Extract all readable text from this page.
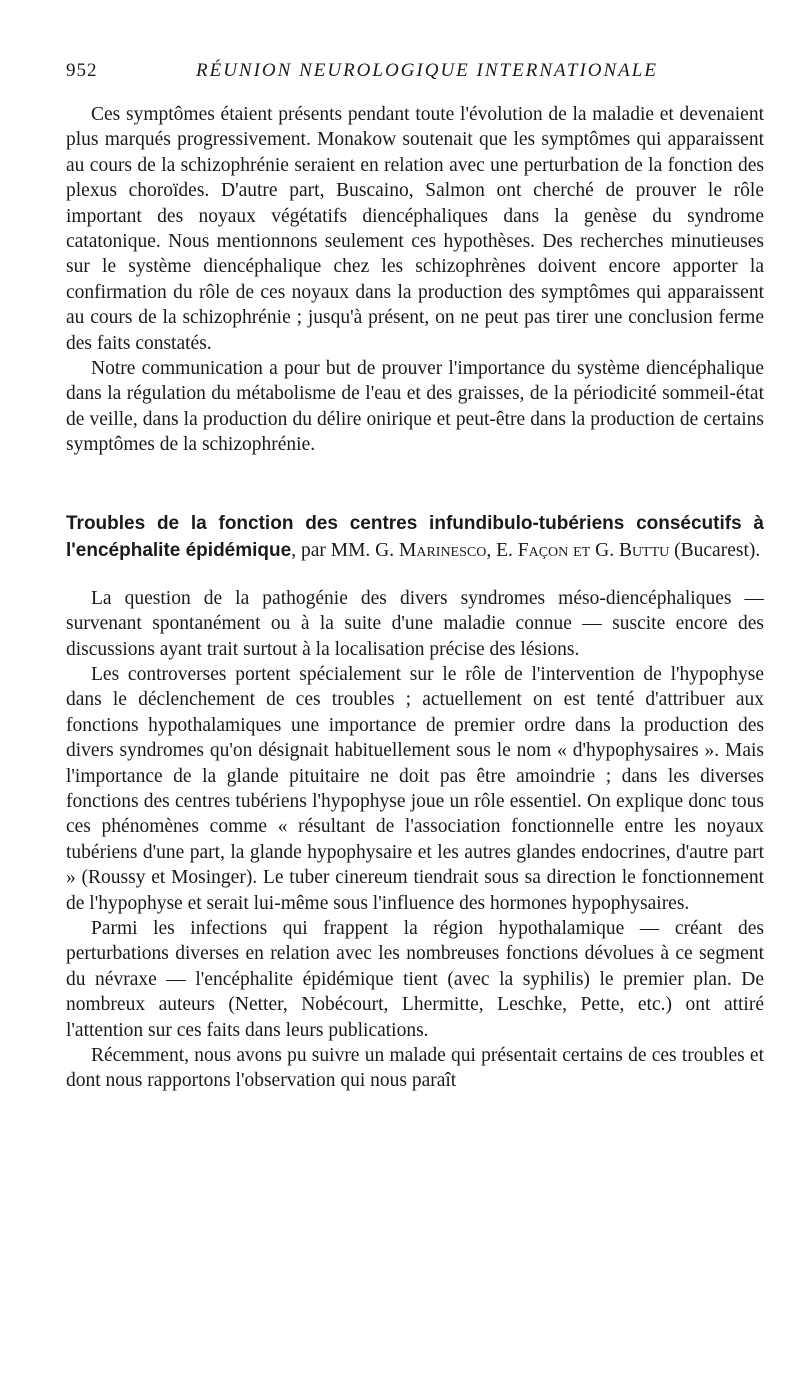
952	RÉUNION NEUROLOGIQUE INTERNATIONALE

Ces symptômes étaient présents pendant toute l'évolution de la maladie et devenaient plus marqués progressivement. Monakow soutenait que les symptômes qui apparaissent au cours de la schizophrénie seraient en relation avec une perturbation de la fonction des plexus choroïdes. D'autre part, Buscaino, Salmon ont cherché de prouver le rôle important des noyaux végétatifs diencéphaliques dans la genèse du syndrome catatonique. Nous mentionnons seulement ces hypothèses. Des recherches minutieuses sur le système diencéphalique chez les schizophrènes doivent encore apporter la confirmation du rôle de ces noyaux dans la production des symptômes qui apparaissent au cours de la schizophrénie ; jusqu'à présent, on ne peut pas tirer une conclusion ferme des faits constatés.

Notre communication a pour but de prouver l'importance du système diencéphalique dans la régulation du métabolisme de l'eau et des graisses, de la périodicité sommeil-état de veille, dans la production du délire onirique et peut-être dans la production de certains symptômes de la schizophrénie.

Troubles de la fonction des centres infundibulo-tubériens consécutifs à l'encéphalite épidémique, par MM. G. Marinesco, E. Façon et G. Buttu (Bucarest).

La question de la pathogénie des divers syndromes méso-diencéphaliques — survenant spontanément ou à la suite d'une maladie connue — suscite encore des discussions ayant trait surtout à la localisation précise des lésions.

Les controverses portent spécialement sur le rôle de l'intervention de l'hypophyse dans le déclenchement de ces troubles ; actuellement on est tenté d'attribuer aux fonctions hypothalamiques une importance de premier ordre dans la production des divers syndromes qu'on désignait habituellement sous le nom « d'hypophysaires ». Mais l'importance de la glande pituitaire ne doit pas être amoindrie ; dans les diverses fonctions des centres tubériens l'hypophyse joue un rôle essentiel. On explique donc tous ces phénomènes comme « résultant de l'association fonctionnelle entre les noyaux tubériens d'une part, la glande hypophysaire et les autres glandes endocrines, d'autre part » (Roussy et Mosinger). Le tuber cinereum tiendrait sous sa direction le fonctionnement de l'hypophyse et serait lui-même sous l'influence des hormones hypophysaires.

Parmi les infections qui frappent la région hypothalamique — créant des perturbations diverses en relation avec les nombreuses fonctions dévolues à ce segment du névraxe — l'encéphalite épidémique tient (avec la syphilis) le premier plan. De nombreux auteurs (Netter, Nobécourt, Lhermitte, Leschke, Pette, etc.) ont attiré l'attention sur ces faits dans leurs publications.

Récemment, nous avons pu suivre un malade qui présentait certains de ces troubles et dont nous rapportons l'observation qui nous paraît
